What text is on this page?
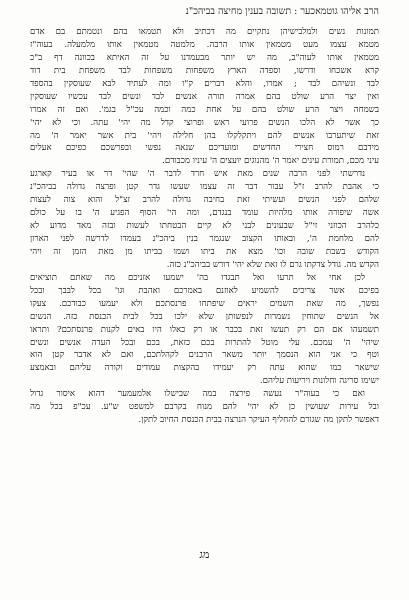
הרב אליהו גוטמאכער : תשובה בענין מחיצה בביהכ"נ
תמונות נשים ולמלבישיהן נתקיים מה דכתיב ולא תטמאו בהם ונטמתם בם אדם
מטמא עצמו מעט מטמאין אותו הרבה. מלמטה מטמאין אותו מלמעלה. בעוה"ז
מטמאין אותו לעוה"ב, מה יש יותר מבעמדנו על זה האיתא בכוונה דף ב"כ
קרא אשכחו ודרשו, וספדה הארץ משפחות משפחות לבד משפחת בית דוד
לבד ונשיהם לבד ; אמרו, והלא דברים ק"ו ומה לעתיד לבא שעוסקין בהספד
ואין יצר הרע שולט בהם אמרה תורה אנשים לבד ונשים לבד עכשיו שעוסקין
בשמחה ויצר הרע שולט בהם על אחת כמה וכמה עכ"ל בגמ'. ואם זה אמרו
כך אשר לא הלכו הנשים פרועי ראש ופרוצי קדל מה יהי' עתה. וכי לא יהי'
זאת שיתערבו אנשים להם ויתקלקלו בהן חלילה ויהי' בית אשר יאמר ה' מה
מידבם רמוס חצירי החדשים ומועדיכם שנאה נפשי ובפרשכם כפיכם אעלים
עיני מכם, תמורת עינים יאמר ה' מהנוגים יועצים ה' עיניו מכבודם.
נדרשתי לפני הרבה שנים מאת איש חרד לדבר ה' שהי' דר או בעיר קארגע
כי אהבת להרב ז"ל עבור דבר זה עצמו שעשו גדר קטן ופרצה גדולה בביהכ"נ
שלהם לפני הנשים ועשיתי זאת בחיבה גדולה להרב זצ"ל והוא צוה לעצות
אשה שיפורה אותו מלהיות עומד בנגדם, ומה הי' הסוף הפגיע ה' בו על כולם
כלהרב הכוזני זי"ל שבעונים לבני לא קיים הבטחתו לעשות ובזה מאד מדוע לא
להם מלחמת ה', ובאותו הקצוב שנגמר בנין ביהכ"נ בעמדו לדרשה לפני הארון
הקודש בשבת שובה וכו' מצא את ביתו ושמו בביתו מן מאת הזמן זה ויהי
הקדש מה. גודל צדקתו גרם לו זאת שלא יהי' דורש בביהכ"נ כזה.
לכן אחי אל תרעו ואל תבגדו בה' ישמעו אזניכם מה שאתם תוציאים
בפיכם אשר צריכים להשמיע לאוזנם באמרכם ואהבת וגו' בכל לבבך ובכל
נפשך, מה שאת השמים יראים שיפתחו פרנסתכם ולא יעמעו כבודכם. צעקו
אל הנשים שתוחין נשמרות לנפשותן שלא ילכו בכל לבית הכנסת כזה. הנשים
תשמעהו אם הם רק תעשו זאת בכבר או רק כאלו היו באים לקנות פרנסתכם? ותראו
שיהי' ה' עמכם. עלי מוטל להתרות בכם כזאת, בכם ובכל העדה אנשים ונשים
וטף כי אני הוא הנסמך יותר משאר הרבנים לקהלתכם, ואם לא אדבר קטן הוא
שישאר כמו שהוא עתה רק יעמידו בהקצות עמודים וקורה עליהם ובאמצע
ישימו סריגה וחלונות ויריעות עליהם.
ואם כי בעוה"ר נעשה פירצה במה שבישלו אלמעמער דהוא איסור גדול
ובל עירות שעושין כן לא יהי' להם מנוח בקרבם למשפט ש"ע. עכ"פ בכל מה
דאפשר לתקן מה שגורם להחליף העיקר הנרצה בבית הכנסת החיוב לתקן.
מג
